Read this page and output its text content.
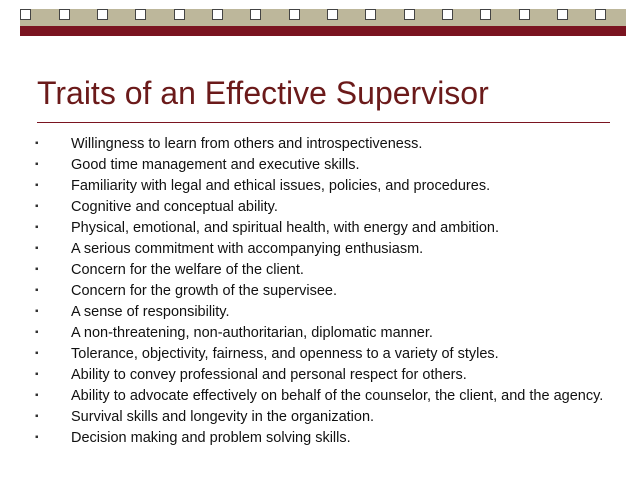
Traits of an Effective Supervisor
▪ Willingness to learn from others and introspectiveness.
▪ Good time management and executive skills.
▪ Familiarity with legal and ethical issues, policies, and procedures.
▪ Cognitive and conceptual ability.
▪ Physical, emotional, and spiritual health, with energy and ambition.
▪ A serious commitment with accompanying enthusiasm.
▪ Concern for the welfare of the client.
▪ Concern for the growth of the supervisee.
▪ A sense of responsibility.
▪ A non-threatening, non-authoritarian, diplomatic manner.
▪ Tolerance, objectivity, fairness, and openness to a variety of styles.
▪ Ability to convey professional and personal respect for others.
▪ Ability to advocate effectively on behalf of the counselor, the client, and the agency.
▪ Survival skills and longevity in the organization.
▪ Decision making and problem solving skills.
